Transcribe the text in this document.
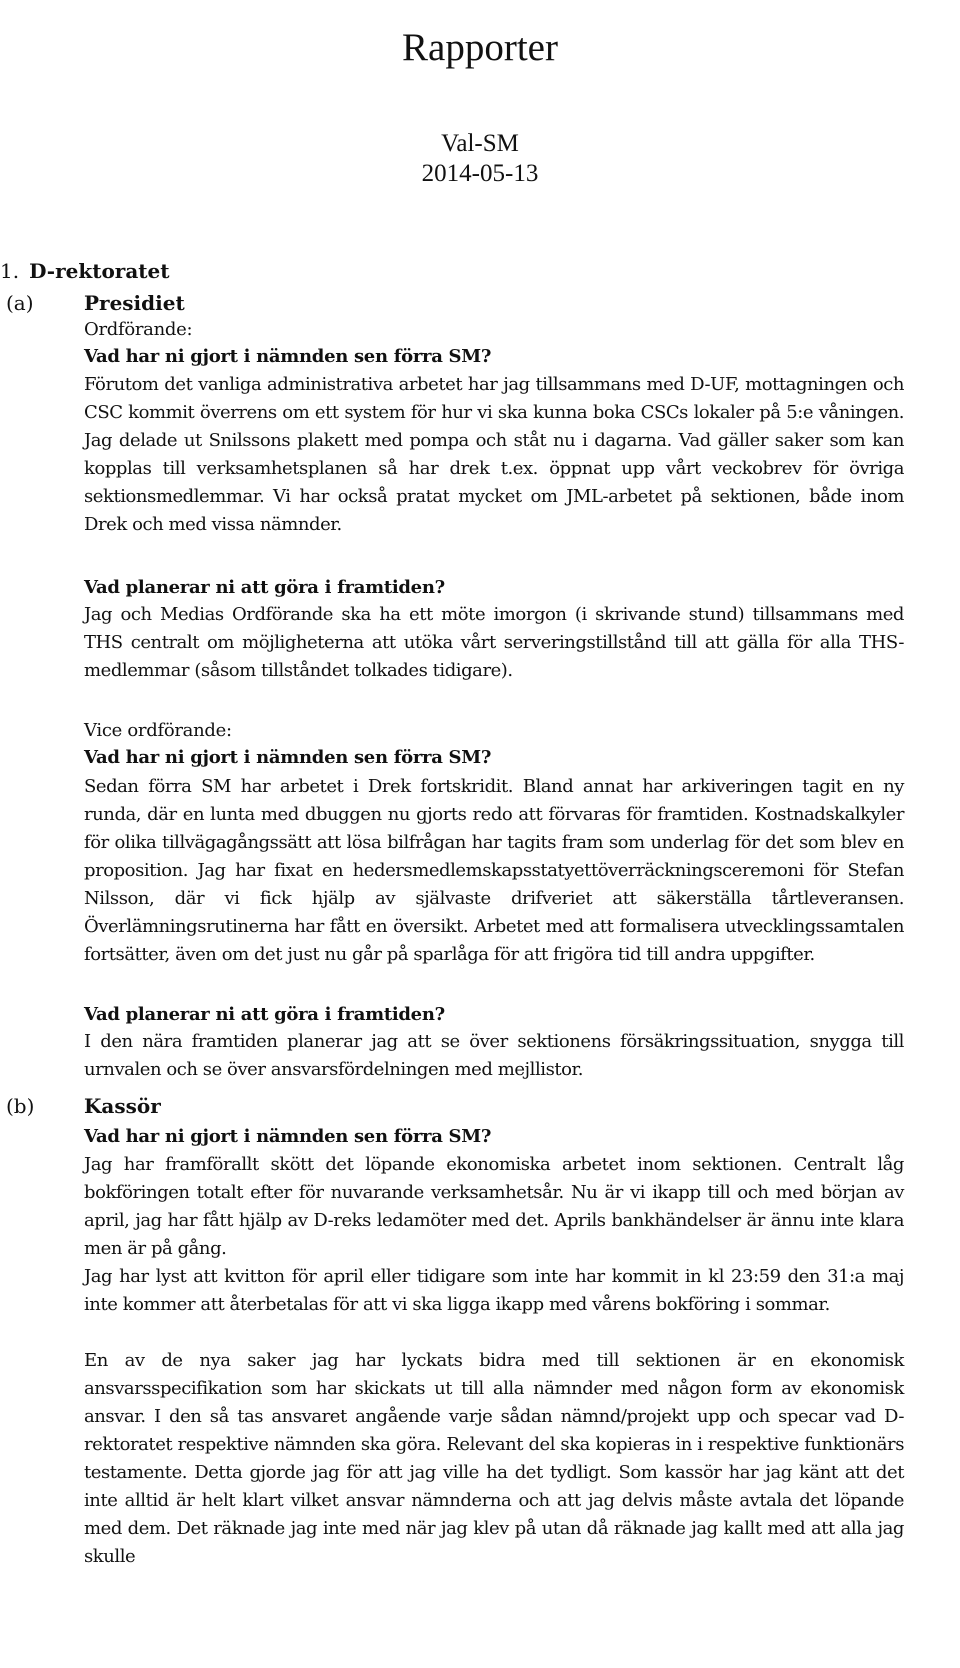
Rapporter
Val-SM
2014-05-13
1. D-rektoratet
(a)	Presidiet

Ordförande:

Vad har ni gjort i nämnden sen förra SM?

Förutom det vanliga administrativa arbetet har jag tillsammans med D-UF, mottagningen och CSC kommit överrens om ett system för hur vi ska kunna boka CSCs lokaler på 5:e våningen. Jag delade ut Snilssons plakett med pompa och ståt nu i dagarna. Vad gäller saker som kan kopplas till verksamhetsplanen så har drek t.ex. öppnat upp vårt veckobrev för övriga sektionsmedlemmar. Vi har också pratat mycket om JML-arbetet på sektionen, både inom Drek och med vissa nämnder.

Vad planerar ni att göra i framtiden?

Jag och Medias Ordförande ska ha ett möte imorgon (i skrivande stund) tillsammans med THS centralt om möjligheterna att utöka vårt serveringstillstånd till att gälla för alla THS-medlemmar (såsom tillståndet tolkades tidigare).

Vice ordförande:

Vad har ni gjort i nämnden sen förra SM?

Sedan förra SM har arbetet i Drek fortskridit. Bland annat har arkiveringen tagit en ny runda, där en lunta med dbuggen nu gjorts redo att förvaras för framtiden. Kostnadskalkyler för olika tillvägagångssätt att lösa bilfrågan har tagits fram som underlag för det som blev en proposition. Jag har fixat en hedersmedlemskapsstatyettöverräckningsceremoni för Stefan Nilsson, där vi fick hjälp av självaste drifveriet att säkerställa tårtleveransen. Överlämningsrutinerna har fått en översikt. Arbetet med att formalisera utvecklingssamtalen fortsätter, även om det just nu går på sparlåga för att frigöra tid till andra uppgifter.

Vad planerar ni att göra i framtiden?

I den nära framtiden planerar jag att se över sektionens försäkringssituation, snygga till urnvalen och se över ansvarsfördelningen med mejllistor.

(b) Kassör

Vad har ni gjort i nämnden sen förra SM?

Jag har framförallt skött det löpande ekonomiska arbetet inom sektionen. Centralt låg bokföringen totalt efter för nuvarande verksamhetsår. Nu är vi ikapp till och med början av april, jag har fått hjälp av D-reks ledamöter med det. Aprils bankhändelser är ännu inte klara men är på gång.

Jag har lyst att kvitton för april eller tidigare som inte har kommit in kl 23:59 den 31:a maj inte kommer att återbetalas för att vi ska ligga ikapp med vårens bokföring i sommar.

En av de nya saker jag har lyckats bidra med till sektionen är en ekonomisk ansvarsspecifikation som har skickats ut till alla nämnder med någon form av ekonomisk ansvar. I den så tas ansvaret angående varje sådan nämnd/projekt upp och specar vad D-rektoratet respektive nämnden ska göra. Relevant del ska kopieras in i respektive funktionärs testamente. Detta gjorde jag för att jag ville ha det tydligt. Som kassör har jag känt att det inte alltid är helt klart vilket ansvar nämnderna och att jag delvis måste avtala det löpande med dem. Det räknade jag inte med när jag klev på utan då räknade jag kallt med att alla jag skulle
